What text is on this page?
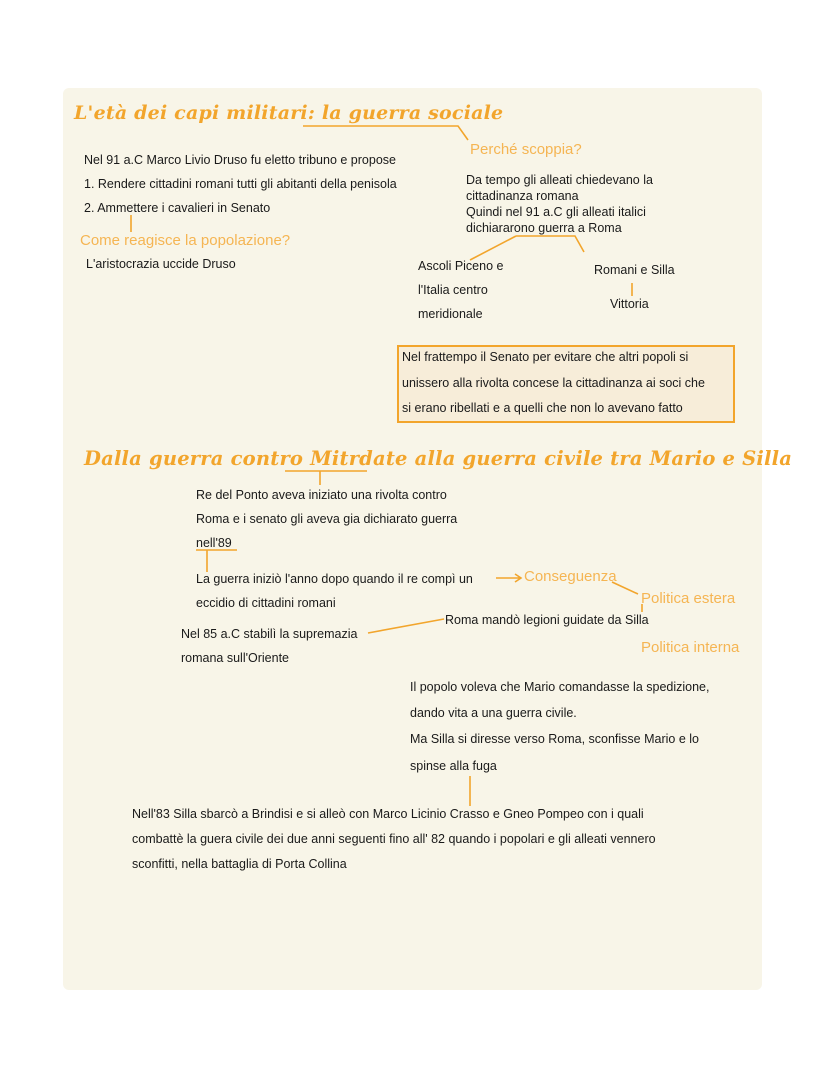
L'età dei capi militari: la guerra sociale
Nel 91 a.C Marco Livio Druso fu eletto tribuno e propose
1. Rendere cittadini romani tutti gli abitanti della penisola
2. Ammettere i cavalieri in Senato
Come reagisce la popolazione?
L'aristocrazia uccide Druso
Perché scoppia?
Da tempo gli alleati chiedevano la
cittadinanza romana
Quindi nel 91 a.C gli alleati italici
dichiararono guerra a Roma
Ascoli Piceno e
l'Italia centro
meridionale
Romani e Silla
Vittoria
Nel frattempo il Senato per evitare che altri popoli si
unissero alla rivolta concese la cittadinanza ai soci che
si erano ribellati e a quelli che non lo avevano fatto
Dalla guerra contro Mitrdate alla guerra civile tra Mario e Silla
Re del Ponto aveva iniziato una rivolta contro
Roma e i senato gli aveva gia dichiarato guerra
nell'89
La guerra iniziò l'anno dopo quando il re compì un
eccidio di cittadini romani
Conseguenza
Politica estera
Roma mandò legioni guidate da Silla
Nel 85 a.C stabilì la supremazia
romana sull'Oriente
Politica interna
Il popolo voleva che Mario comandasse la spedizione,
dando vita a una guerra civile.
Ma Silla si diresse verso Roma, sconfisse Mario e lo
spinse alla fuga
Nell'83 Silla sbarcò a Brindisi e si alleò con Marco Licinio Crasso e Gneo Pompeo con i quali
combattè la guera civile dei due anni seguenti fino all' 82 quando i popolari e gli alleati vennero
sconfitti, nella battaglia di Porta Collina
